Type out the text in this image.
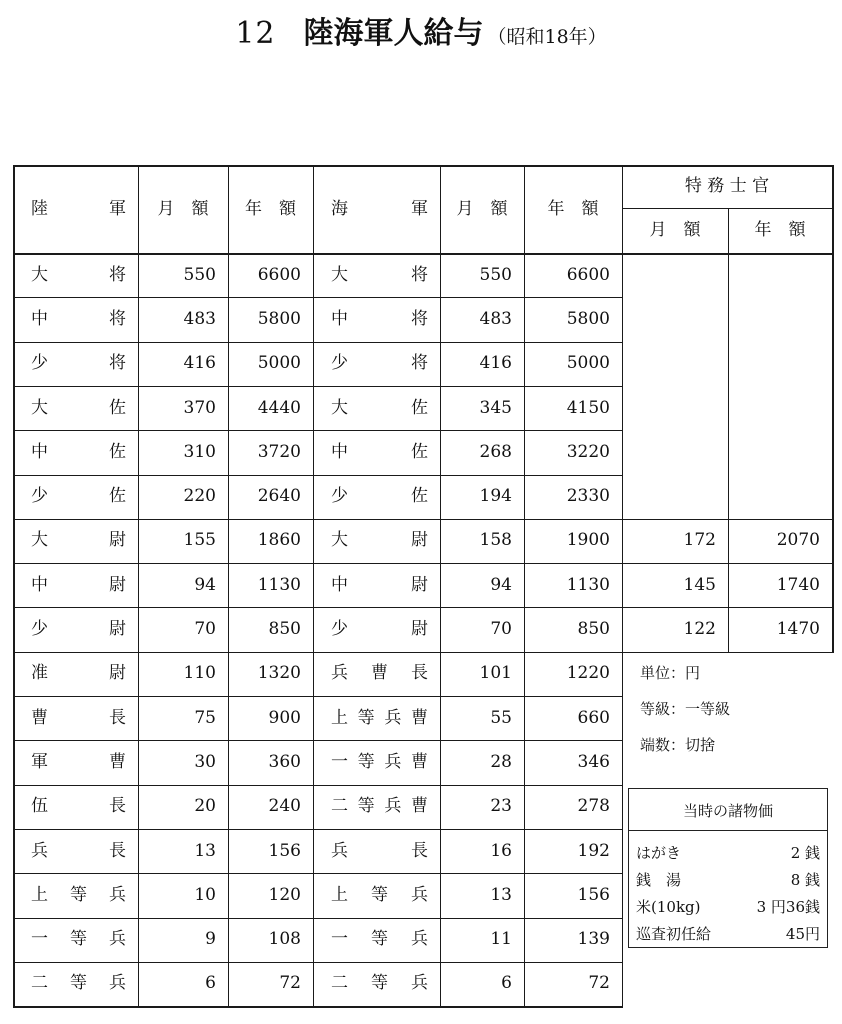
12 陸海軍人給与 （昭和18年）
陸　　軍	月　額	年　額	海　　軍	月　額	年　額
特 務 士 官
月　額	年　額
大　　将	550	6600 大　　将	550	6600
中　　将	483	5800 中　　将	483	5800
少　　将	416	5000 少　　将	416	5000
大　　佐	370	4440 大　　佐	345	4150
中　　佐	310	3720 中　　佐	268	3220
少　　佐	220	2640 少　　佐	194	2330
大　　尉	155	1860 大　　尉	158	1900	172	2070
中　　尉	94	1130 中　　尉	94	1130	145	1740
少　　尉	70	850 少　　尉	70	850	122	1470
准　　尉	110	1320 兵 曹 長	101	1220
曹　　長	75	900 上等兵曹	55	660
軍　　曹	30	360 一等兵曹	28	346
伍　　長	20	240 二等兵曹	23	278
兵　　長	13	156 兵　　長	16	192
上 等 兵	10	120 上 等 兵	13	156
一 等 兵	9	108 一 等 兵	11	139
二 等 兵	6	72 二 等 兵	6	72
単位：円
等級：一等級
端数：切捨
当時の諸物価
はがき	2 銭
銭　湯	8 銭
米(10kg)	3 円36銭
巡査初任給	45円
